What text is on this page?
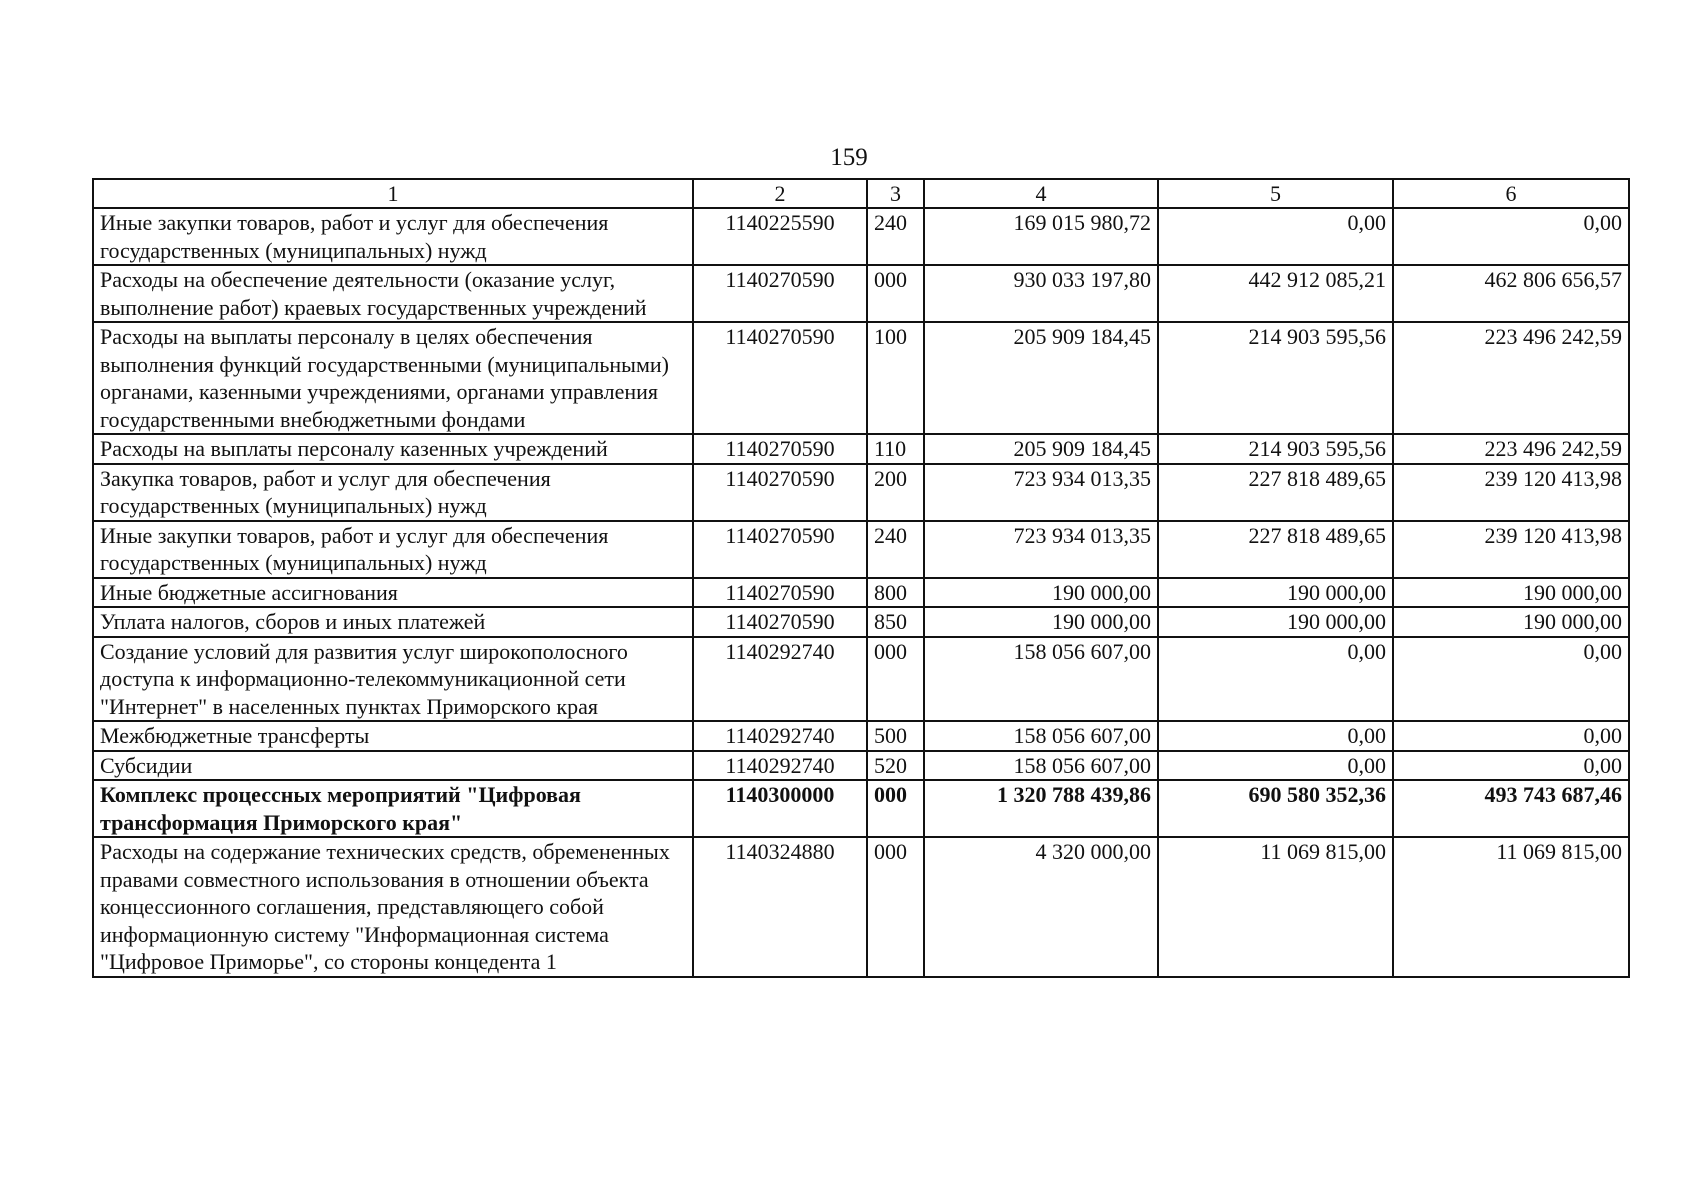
159
1	2	3	4	5	6
Иные закупки товаров, работ и услуг для обеспечения государственных (муниципальных) нужд	1140225590	240	169 015 980,72	0,00	0,00
Расходы на обеспечение деятельности (оказание услуг, выполнение работ) краевых государственных учреждений	1140270590	000	930 033 197,80	442 912 085,21	462 806 656,57
Расходы на выплаты персоналу в целях обеспечения выполнения функций государственными (муниципальными) органами, казенными учреждениями, органами управления государственными внебюджетными фондами	1140270590	100	205 909 184,45	214 903 595,56	223 496 242,59
Расходы на выплаты персоналу казенных учреждений	1140270590	110	205 909 184,45	214 903 595,56	223 496 242,59
Закупка товаров, работ и услуг для обеспечения государственных (муниципальных) нужд	1140270590	200	723 934 013,35	227 818 489,65	239 120 413,98
Иные закупки товаров, работ и услуг для обеспечения государственных (муниципальных) нужд	1140270590	240	723 934 013,35	227 818 489,65	239 120 413,98
Иные бюджетные ассигнования	1140270590	800	190 000,00	190 000,00	190 000,00
Уплата налогов, сборов и иных платежей	1140270590	850	190 000,00	190 000,00	190 000,00
Создание условий для развития услуг широкополосного доступа к информационно-телекоммуникационной сети "Интернет" в населенных пунктах Приморского края	1140292740	000	158 056 607,00	0,00	0,00
Межбюджетные трансферты	1140292740	500	158 056 607,00	0,00	0,00
Субсидии	1140292740	520	158 056 607,00	0,00	0,00
Комплекс процессных мероприятий "Цифровая трансформация Приморского края"	1140300000	000	1 320 788 439,86	690 580 352,36	493 743 687,46
Расходы на содержание технических средств, обремененных правами совместного использования в отношении объекта концессионного соглашения, представляющего собой информационную систему "Информационная система "Цифровое Приморье", со стороны концедента 1	1140324880	000	4 320 000,00	11 069 815,00	11 069 815,00
